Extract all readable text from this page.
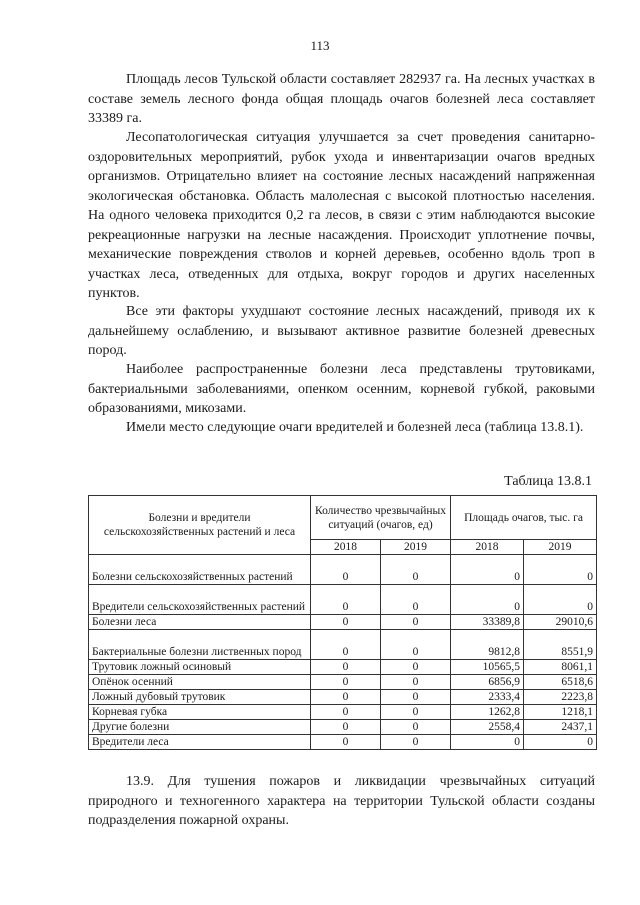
113

Площадь лесов Тульской области составляет 282937 га. На лесных участках в составе земель лесного фонда общая площадь очагов болезней леса составляет 33389 га.

Лесопатологическая ситуация улучшается за счет проведения санитарно-оздоровительных мероприятий, рубок ухода и инвентаризации очагов вредных организмов. Отрицательно влияет на состояние лесных насаждений напряженная экологическая обстановка. Область малолесная с высокой плотностью населения. На одного человека приходится 0,2 га лесов, в связи с этим наблюдаются высокие рекреационные нагрузки на лесные насаждения. Происходит уплотнение почвы, механические повреждения стволов и корней деревьев, особенно вдоль троп в участках леса, отведенных для отдыха, вокруг городов и других населенных пунктов.

Все эти факторы ухудшают состояние лесных насаждений, приводя их к дальнейшему ослаблению, и вызывают активное развитие болезней древесных пород.

Наиболее распространенные болезни леса представлены трутовиками, бактериальными заболеваниями, опенком осенним, корневой губкой, раковыми образованиями, микозами.

Имели место следующие очаги вредителей и болезней леса (таблица 13.8.1).

Таблица 13.8.1
Болезни и вредители сельскохозяйственных растений и леса	Количество чрезвычайных ситуаций (очагов, ед)		Площадь очагов, тыс. га	
	2018	2019	2018	2019

Болезни сельскохозяйственных растений	0	0	0	0

Вредители сельскохозяйственных растений	0	0	0	0
Болезни леса	0	0	33389,8	29010,6

Бактериальные болезни лиственных пород	0	0	9812,8	8551,9
Трутовик ложный осиновый	0	0	10565,5	8061,1
Опёнок осенний	0	0	6856,9	6518,6
Ложный дубовый трутовик	0	0	2333,4	2223,8
Корневая губка	0	0	1262,8	1218,1
Другие болезни	0	0	2558,4	2437,1
Вредители леса	0	0	0	0

13.9. Для тушения пожаров и ликвидации чрезвычайных ситуаций природного и техногенного характера на территории Тульской области созданы подразделения пожарной охраны.
